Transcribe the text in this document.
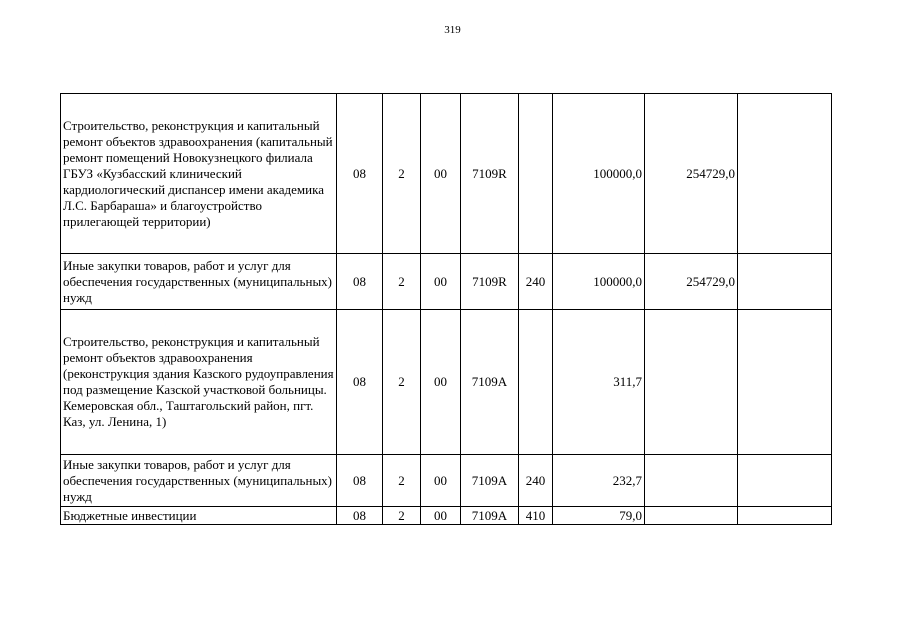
319
Строительство, реконструкция и капитальный ремонт объектов здравоохранения (капитальный ремонт помещений Новокузнецкого филиала ГБУЗ «Кузбасский клинический кардиологический диспансер имени академика Л.С. Барбараша» и благоустройство прилегающей территории)	08	2	00	7109R		100000,0	254729,0	
Иные закупки товаров, работ и услуг для обеспечения государственных (муниципальных) нужд	08	2	00	7109R	240	100000,0	254729,0	
Строительство, реконструкция и капитальный ремонт объектов здравоохранения (реконструкция здания Казского рудоуправления под размещение Казской участковой больницы. Кемеровская обл., Таштагольский район, пгт. Каз, ул. Ленина, 1)	08	2	00	7109А		311,7		
Иные закупки товаров, работ и услуг для обеспечения государственных (муниципальных) нужд	08	2	00	7109А	240	232,7		
Бюджетные инвестиции	08	2	00	7109А	410	79,0		
